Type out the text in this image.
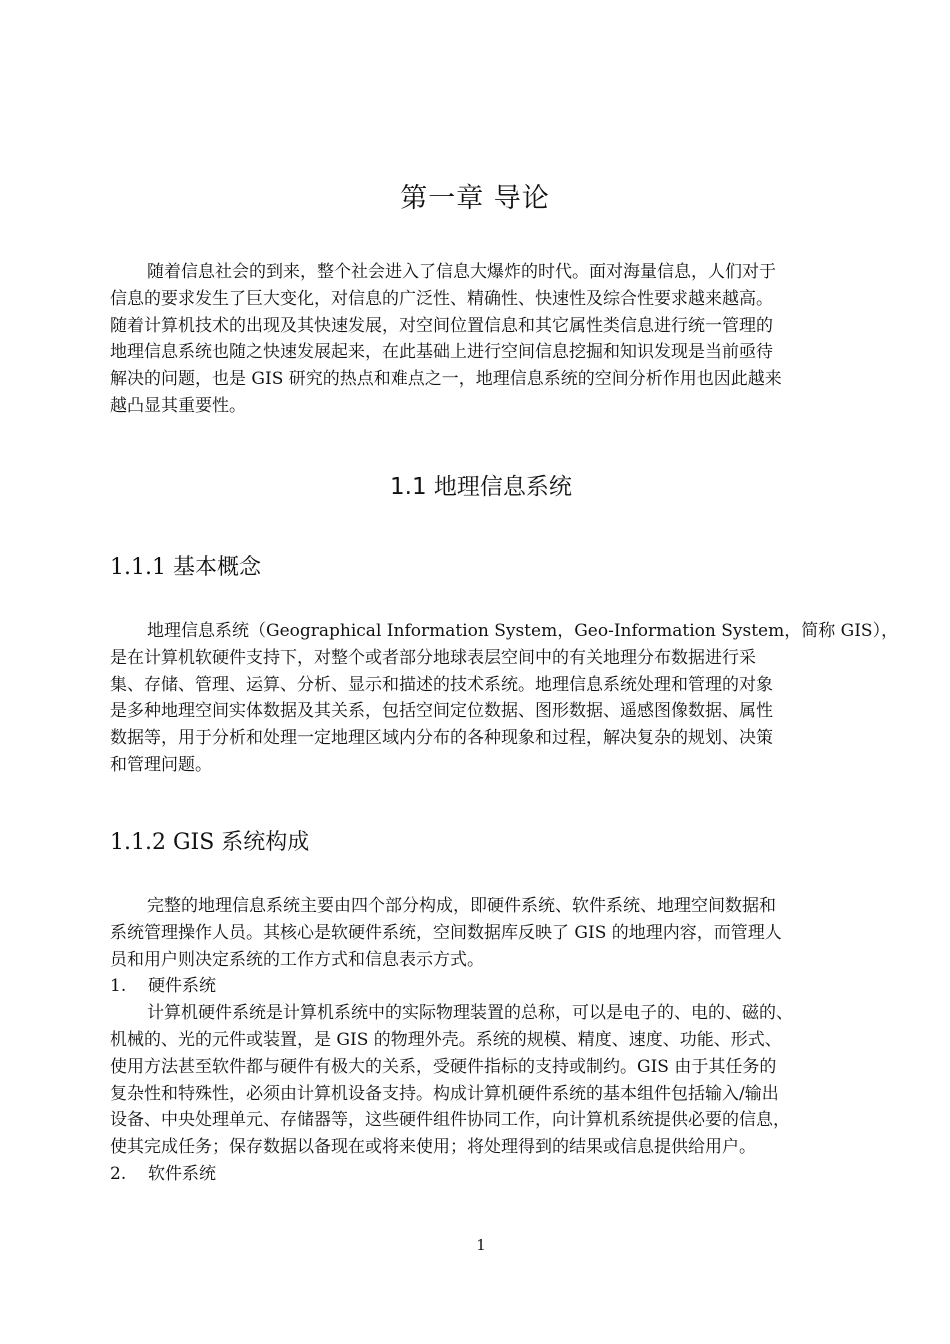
第一章 导论
随着信息社会的到来，整个社会进入了信息大爆炸的时代。面对海量信息，人们对于
信息的要求发生了巨大变化，对信息的广泛性、精确性、快速性及综合性要求越来越高。
随着计算机技术的出现及其快速发展，对空间位置信息和其它属性类信息进行统一管理的
地理信息系统也随之快速发展起来，在此基础上进行空间信息挖掘和知识发现是当前亟待
解决的问题，也是 GIS 研究的热点和难点之一，地理信息系统的空间分析作用也因此越来
越凸显其重要性。
1.1 地理信息系统
1.1.1 基本概念
地理信息系统（Geographical Information System，Geo-Information System，简称 GIS），
是在计算机软硬件支持下，对整个或者部分地球表层空间中的有关地理分布数据进行采
集、存储、管理、运算、分析、显示和描述的技术系统。地理信息系统处理和管理的对象
是多种地理空间实体数据及其关系，包括空间定位数据、图形数据、遥感图像数据、属性
数据等，用于分析和处理一定地理区域内分布的各种现象和过程，解决复杂的规划、决策
和管理问题。
1.1.2 GIS 系统构成
完整的地理信息系统主要由四个部分构成，即硬件系统、软件系统、地理空间数据和
系统管理操作人员。其核心是软硬件系统，空间数据库反映了 GIS 的地理内容，而管理人
员和用户则决定系统的工作方式和信息表示方式。
1. 硬件系统
计算机硬件系统是计算机系统中的实际物理装置的总称，可以是电子的、电的、磁的、
机械的、光的元件或装置，是 GIS 的物理外壳。系统的规模、精度、速度、功能、形式、
使用方法甚至软件都与硬件有极大的关系，受硬件指标的支持或制约。GIS 由于其任务的
复杂性和特殊性，必须由计算机设备支持。构成计算机硬件系统的基本组件包括输入/输出
设备、中央处理单元、存储器等，这些硬件组件协同工作，向计算机系统提供必要的信息，
使其完成任务；保存数据以备现在或将来使用；将处理得到的结果或信息提供给用户。
2. 软件系统
1
